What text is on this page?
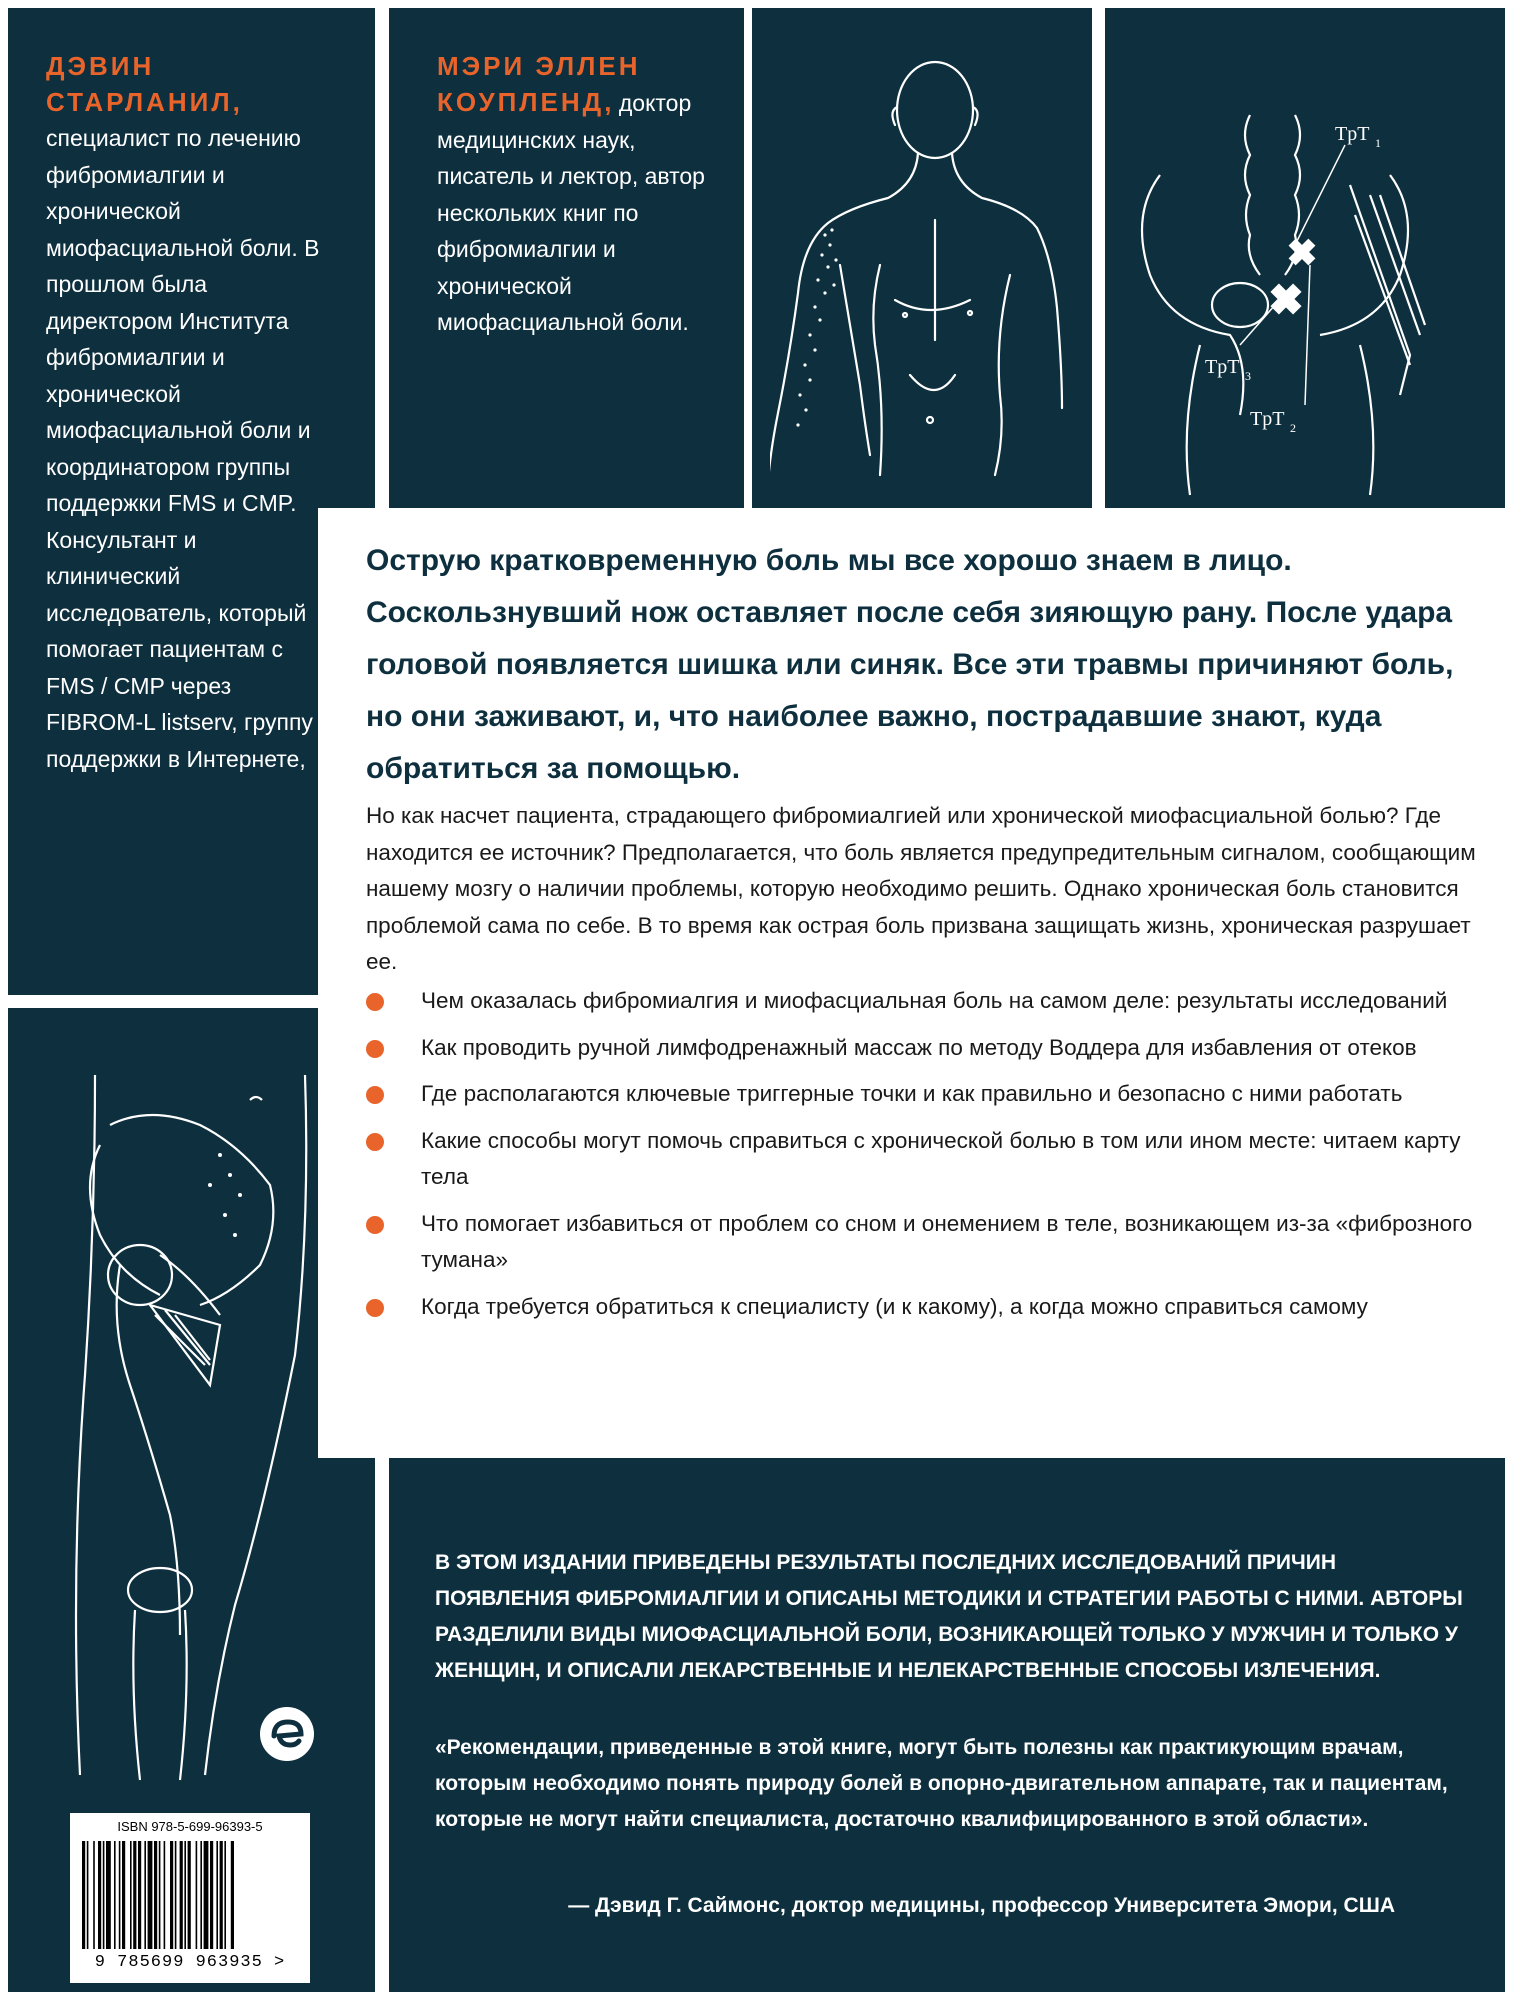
ДЭВИН
СТАРЛАНИЛ,
специалист по лечению фибромиалгии и хронической миофасциальной боли. В прошлом была директором Института фибромиалгии и хронической миофасциальной боли и координатором группы поддержки FMS и CMP. Консультант и клинический исследователь, который помогает пациентам с FMS / CMP через FIBROM-L listserv, группу поддержки в Интернете,
МЭРИ ЭЛЛЕН

КОУПЛЕНД, доктор медицинских наук, писатель и лектор, автор нескольких книг по фибромиалгии и хронической миофасциальной боли.

TpT 1
TpT 3
TpT 2

Острую кратковременную боль мы все хорошо знаем в лицо. Соскользнувший нож оставляет после себя зияющую рану. После удара головой появляется шишка или синяк. Все эти травмы причиняют боль, но они заживают, и, что наиболее важно, пострадавшие знают, куда обратиться за помощью.

Но как насчет пациента, страдающего фибромиалгией или хронической миофасциальной болью? Где находится ее источник? Предполагается, что боль является предупредительным сигналом, сообщающим нашему мозгу о наличии проблемы, которую необходимо решить. Однако хроническая боль становится проблемой сама по себе. В то время как острая боль призвана защищать жизнь, хроническая разрушает ее.

Чем оказалась фибромиалгия и миофасциальная боль на самом деле: результаты исследований
Как проводить ручной лимфодренажный массаж по методу Воддера для избавления от отеков
Где располагаются ключевые триггерные точки и как правильно и безопасно с ними работать
Какие способы могут помочь справиться с хронической болью в том или ином месте: читаем карту тела
Что помогает избавиться от проблем со сном и онемением в теле, возникающем из-за «фиброзного тумана»
Когда требуется обратиться к специалисту (и к какому), а когда можно справиться самому

В ЭТОМ ИЗДАНИИ ПРИВЕДЕНЫ РЕЗУЛЬТАТЫ ПОСЛЕДНИХ ИССЛЕДОВАНИЙ ПРИЧИН ПОЯВЛЕНИЯ ФИБРОМИАЛГИИ И ОПИСАНЫ МЕТОДИКИ И СТРАТЕГИИ РАБОТЫ С НИМИ. АВТОРЫ РАЗДЕЛИЛИ ВИДЫ МИОФАСЦИАЛЬНОЙ БОЛИ, ВОЗНИКАЮЩЕЙ ТОЛЬКО У МУЖЧИН И ТОЛЬКО У ЖЕНЩИН, И ОПИСАЛИ ЛЕКАРСТВЕННЫЕ И НЕЛЕКАРСТВЕННЫЕ СПОСОБЫ ИЗЛЕЧЕНИЯ.

«Рекомендации, приведенные в этой книге, могут быть полезны как практикующим врачам, которым необходимо понять природу болей в опорно-двигательном аппарате, так и пациентам, которые не могут найти специалиста, достаточно квалифицированного в этой области».

— Дэвид Г. Саймонс, доктор медицины, профессор Университета Эмори, США

ISBN 978-5-699-96393-5
9 785699 963935 >
